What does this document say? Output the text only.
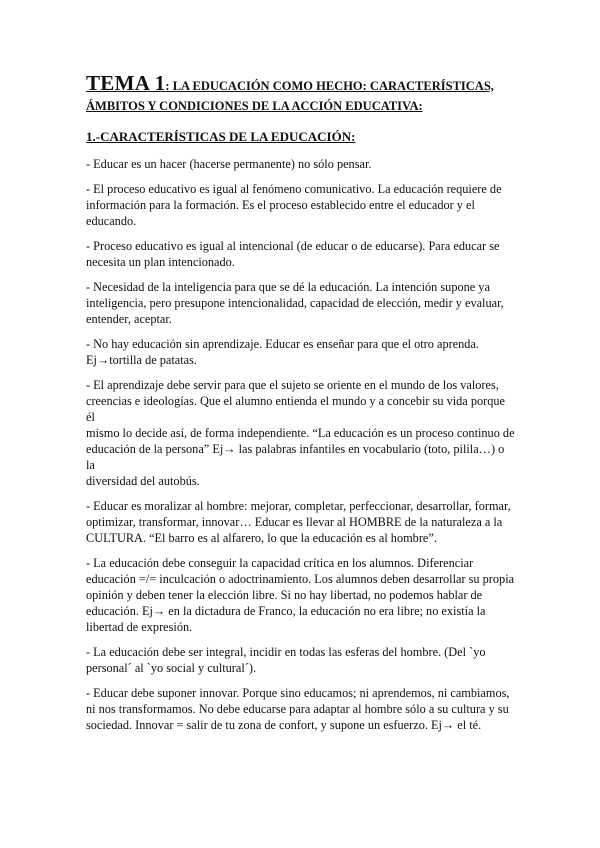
TEMA 1: LA EDUCACIÓN COMO HECHO: CARACTERÍSTICAS, ÁMBITOS Y CONDICIONES DE LA ACCIÓN EDUCATIVA:
1.-CARACTERÍSTICAS DE LA EDUCACIÓN:
- Educar es un hacer (hacerse permanente) no sólo pensar.
- El proceso educativo es igual al fenómeno comunicativo. La educación requiere de
información para la formación. Es el proceso establecido entre el educador y el
educando.
- Proceso educativo es igual al intencional (de educar o de educarse). Para educar se
necesita un plan intencionado.
- Necesidad de la inteligencia para que se dé la educación. La intención supone ya
inteligencia, pero presupone intencionalidad, capacidad de elección, medir y evaluar,
entender, aceptar.
- No hay educación sin aprendizaje. Educar es enseñar para que el otro aprenda.
Ej→tortilla de patatas.
- El aprendizaje debe servir para que el sujeto se oriente en el mundo de los valores,
creencias e ideologías. Que el alumno entienda el mundo y a concebir su vida porque él
mismo lo decide así, de forma independiente. “La educación es un proceso continuo de
educación de la persona” Ej→ las palabras infantiles en vocabulario (toto, pilila…) o la
diversidad del autobús.
- Educar es moralizar al hombre: mejorar, completar, perfeccionar, desarrollar, formar,
optimizar, transformar, innovar… Educar es llevar al HOMBRE de la naturaleza a la
CULTURA. “El barro es al alfarero, lo que la educación es al hombre”.
- La educación debe conseguir la capacidad crítica en los alumnos. Diferenciar
educación =/= inculcación o adoctrinamiento. Los alumnos deben desarrollar su propia
opinión y deben tener la elección libre. Si no hay libertad, no podemos hablar de
educación. Ej→ en la dictadura de Franco, la educación no era libre; no existía la
libertad de expresión.
- La educación debe ser integral, incidir en todas las esferas del hombre. (Del `yo
personal´ al `yo social y cultural´).
- Educar debe suponer innovar. Porque sino educamos; ni aprendemos, ni cambiamos,
ni nos transformamos. No debe educarse para adaptar al hombre sólo a su cultura y su
sociedad. Innovar = salir de tu zona de confort, y supone un esfuerzo. Ej→ el té.
